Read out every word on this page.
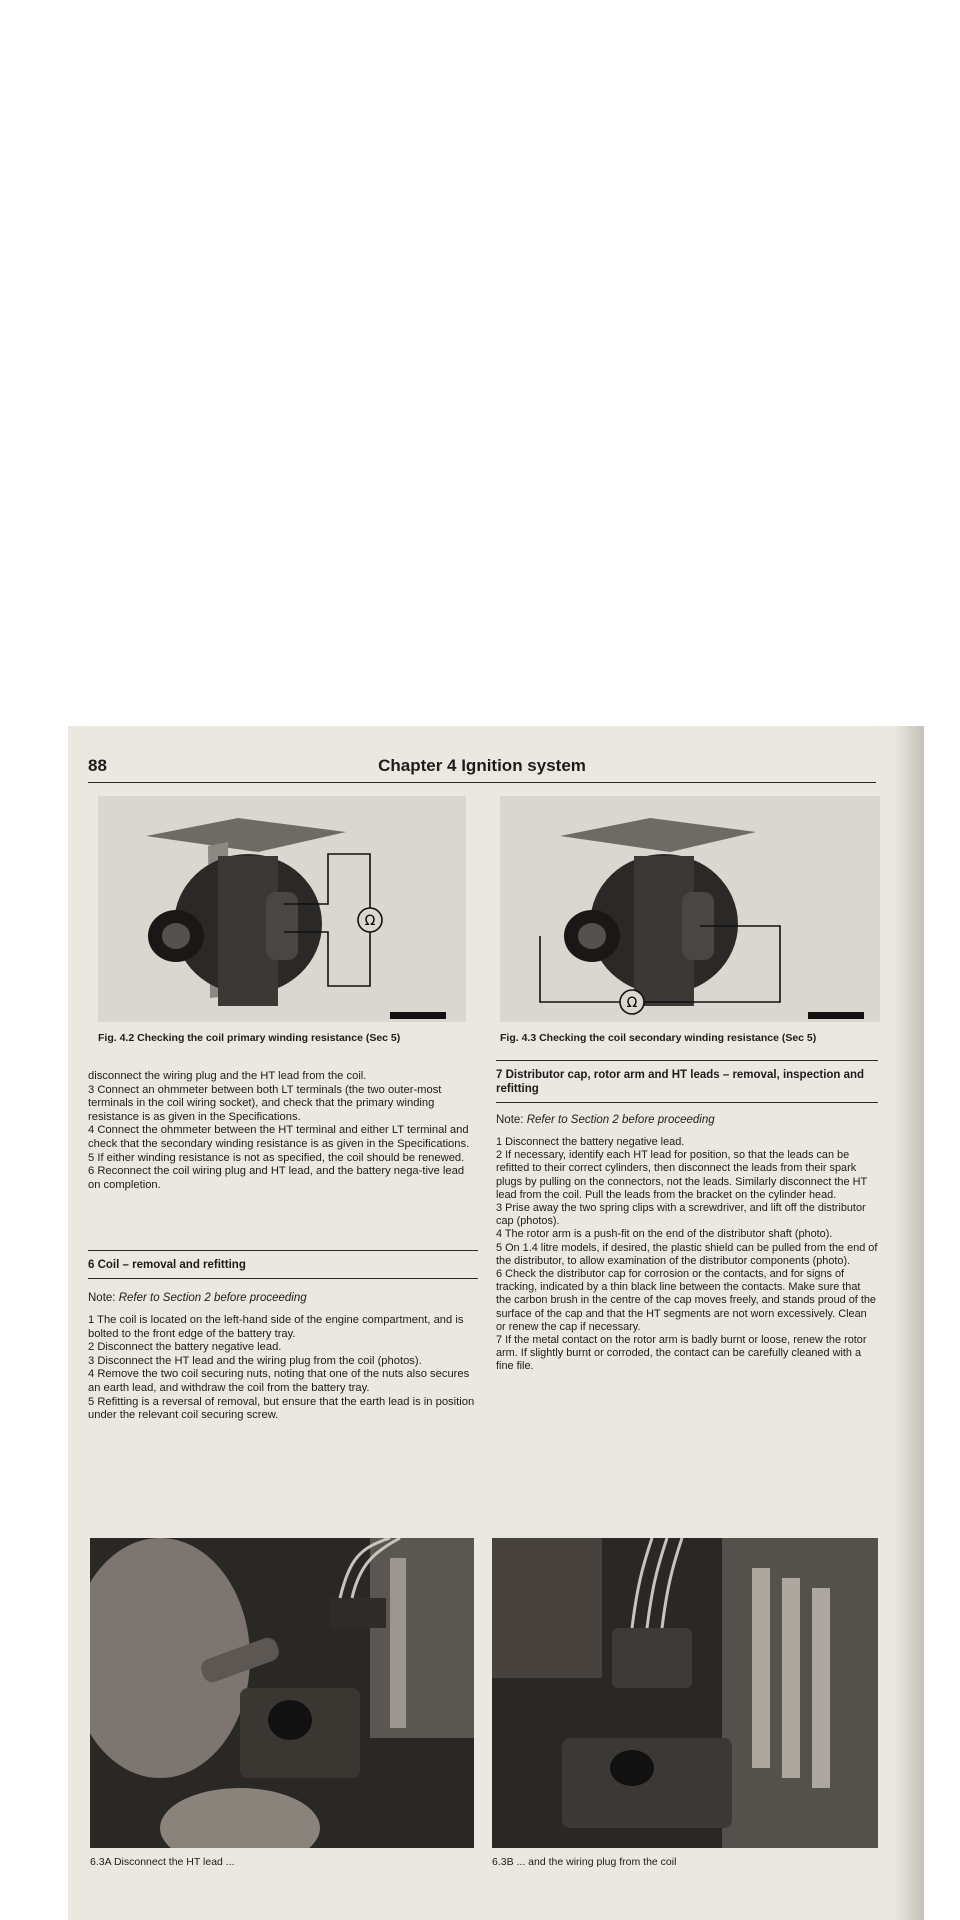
88	Chapter 4 Ignition system
Ω
Fig. 4.2 Checking the coil primary winding resistance (Sec 5)
Ω
Fig. 4.3 Checking the coil secondary winding resistance (Sec 5)

disconnect the wiring plug and the HT lead from the coil.

3 Connect an ohmmeter between both LT terminals (the two outer-most terminals in the coil wiring socket), and check that the primary winding resistance is as given in the Specifications.

4 Connect the ohmmeter between the HT terminal and either LT terminal and check that the secondary winding resistance is as given in the Specifications.

5 If either winding resistance is not as specified, the coil should be renewed.

6 Reconnect the coil wiring plug and HT lead, and the battery nega-tive lead on completion.

6 Coil – removal and refitting
Note: Refer to Section 2 before proceeding

1 The coil is located on the left-hand side of the engine compartment, and is bolted to the front edge of the battery tray.

2 Disconnect the battery negative lead.

3 Disconnect the HT lead and the wiring plug from the coil (photos).

4 Remove the two coil securing nuts, noting that one of the nuts also secures an earth lead, and withdraw the coil from the battery tray.

5 Refitting is a reversal of removal, but ensure that the earth lead is in position under the relevant coil securing screw.

7 Distributor cap, rotor arm and HT leads – removal, inspection and refitting
Note: Refer to Section 2 before proceeding

1 Disconnect the battery negative lead.

2 If necessary, identify each HT lead for position, so that the leads can be refitted to their correct cylinders, then disconnect the leads from their spark plugs by pulling on the connectors, not the leads. Similarly disconnect the HT lead from the coil. Pull the leads from the bracket on the cylinder head.

3 Prise away the two spring clips with a screwdriver, and lift off the distributor cap (photos).

4 The rotor arm is a push-fit on the end of the distributor shaft (photo).

5 On 1.4 litre models, if desired, the plastic shield can be pulled from the end of the distributor, to allow examination of the distributor components (photo).

6 Check the distributor cap for corrosion or the contacts, and for signs of tracking, indicated by a thin black line between the contacts. Make sure that the carbon brush in the centre of the cap moves freely, and stands proud of the surface of the cap and that the HT segments are not worn excessively. Clean or renew the cap if necessary.

7 If the metal contact on the rotor arm is badly burnt or loose, renew the rotor arm. If slightly burnt or corroded, the contact can be carefully cleaned with a fine file.

6.3A Disconnect the HT lead ...	6.3B ... and the wiring plug from the coil
